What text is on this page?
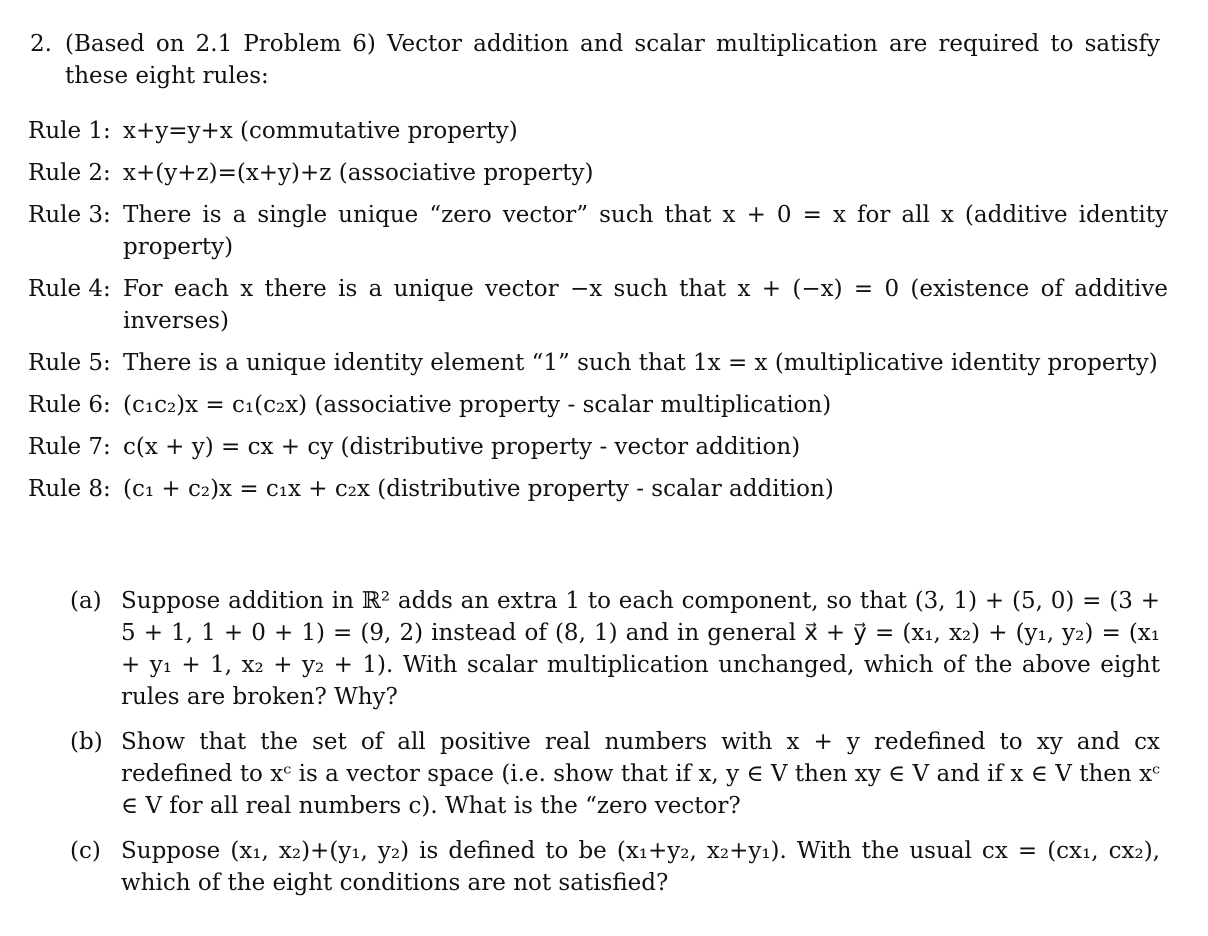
2. (Based on 2.1 Problem 6) Vector addition and scalar multiplication are required to satisfy these eight rules:
Rule 1: x+y=y+x (commutative property)
Rule 2: x+(y+z)=(x+y)+z (associative property)
Rule 3: There is a single unique “zero vector” such that x + 0 = x for all x (additive identity property)
Rule 4: For each x there is a unique vector −x such that x + (−x) = 0 (existence of additive inverses)
Rule 5: There is a unique identity element “1” such that 1x = x (multiplicative identity property)
Rule 6: (c₁c₂)x = c₁(c₂x) (associative property - scalar multiplication)
Rule 7: c(x + y) = cx + cy (distributive property - vector addition)
Rule 8: (c₁ + c₂)x = c₁x + c₂x (distributive property - scalar addition)
(a) Suppose addition in ℝ² adds an extra 1 to each component, so that (3, 1) + (5, 0) = (3 + 5 + 1, 1 + 0 + 1) = (9, 2) instead of (8, 1) and in general x⃗ + y⃗ = (x₁, x₂) + (y₁, y₂) = (x₁ + y₁ + 1, x₂ + y₂ + 1). With scalar multiplication unchanged, which of the above eight rules are broken? Why?
(b) Show that the set of all positive real numbers with x + y redefined to xy and cx redefined to xᶜ is a vector space (i.e. show that if x, y ∈ V then xy ∈ V and if x ∈ V then xᶜ ∈ V for all real numbers c). What is the “zero vector?
(c) Suppose (x₁, x₂)+(y₁, y₂) is defined to be (x₁+y₂, x₂+y₁). With the usual cx = (cx₁, cx₂), which of the eight conditions are not satisfied?
